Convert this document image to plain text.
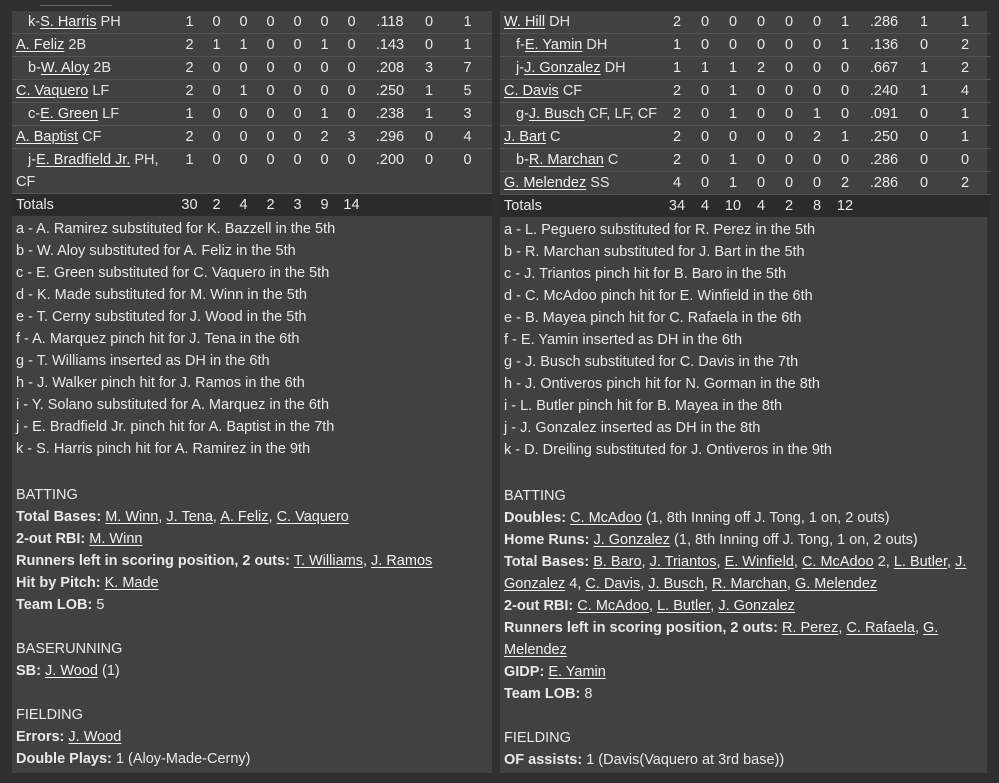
k-S. Harris PH	1	0	0	0	0	0	0	.118	0	1
A. Feliz 2B	2	1	1	0	0	1	0	.143	0	1
b-W. Aloy 2B	2	0	0	0	0	0	0	.208	3	7
C. Vaquero LF	2	0	1	0	0	0	0	.250	1	5
c-E. Green LF	1	0	0	0	0	1	0	.238	1	3
A. Baptist CF	2	0	0	0	0	2	3	.296	0	4
j-E. Bradfield Jr. PH, CF	1	0	0	0	0	0	0	.200	0	0
Totals	30	2	4	2	3	9	14			
a - A. Ramirez substituted for K. Bazzell in the 5th
b - W. Aloy substituted for A. Feliz in the 5th
c - E. Green substituted for C. Vaquero in the 5th
d - K. Made substituted for M. Winn in the 5th
e - T. Cerny substituted for J. Wood in the 5th
f - A. Marquez pinch hit for J. Tena in the 6th
g - T. Williams inserted as DH in the 6th
h - J. Walker pinch hit for J. Ramos in the 6th
i - Y. Solano substituted for A. Marquez in the 6th
j - E. Bradfield Jr. pinch hit for A. Baptist in the 7th
k - S. Harris pinch hit for A. Ramirez in the 9th
BATTING
Total Bases: M. Winn, J. Tena, A. Feliz, C. Vaquero
2-out RBI: M. Winn
Runners left in scoring position, 2 outs: T. Williams, J. Ramos
Hit by Pitch: K. Made
Team LOB: 5
BASERUNNING
SB: J. Wood (1)
FIELDING
Errors: J. Wood
Double Plays: 1 (Aloy-Made-Cerny)
W. Hill DH	2	0	0	0	0	0	1	.286	1	1
f-E. Yamin DH	1	0	0	0	0	0	1	.136	0	2
j-J. Gonzalez DH	1	1	1	2	0	0	0	.667	1	2
C. Davis CF	2	0	1	0	0	0	0	.240	1	4
g-J. Busch CF, LF, CF	2	0	1	0	0	1	0	.091	0	1
J. Bart C	2	0	0	0	0	2	1	.250	0	1
b-R. Marchan C	2	0	1	0	0	0	0	.286	0	0
G. Melendez SS	4	0	1	0	0	0	2	.286	0	2
Totals	34	4	10	4	2	8	12			
a - L. Peguero substituted for R. Perez in the 5th
b - R. Marchan substituted for J. Bart in the 5th
c - J. Triantos pinch hit for B. Baro in the 5th
d - C. McAdoo pinch hit for E. Winfield in the 6th
e - B. Mayea pinch hit for C. Rafaela in the 6th
f - E. Yamin inserted as DH in the 6th
g - J. Busch substituted for C. Davis in the 7th
h - J. Ontiveros pinch hit for N. Gorman in the 8th
i - L. Butler pinch hit for B. Mayea in the 8th
j - J. Gonzalez inserted as DH in the 8th
k - D. Dreiling substituted for J. Ontiveros in the 9th
BATTING
Doubles: C. McAdoo (1, 8th Inning off J. Tong, 1 on, 2 outs)
Home Runs: J. Gonzalez (1, 8th Inning off J. Tong, 1 on, 2 outs)
Total Bases: B. Baro, J. Triantos, E. Winfield, C. McAdoo 2, L. Butler, J. Gonzalez 4, C. Davis, J. Busch, R. Marchan, G. Melendez
2-out RBI: C. McAdoo, L. Butler, J. Gonzalez
Runners left in scoring position, 2 outs: R. Perez, C. Rafaela, G. Melendez
GIDP: E. Yamin
Team LOB: 8
FIELDING
OF assists: 1 (Davis(Vaquero at 3rd base))
